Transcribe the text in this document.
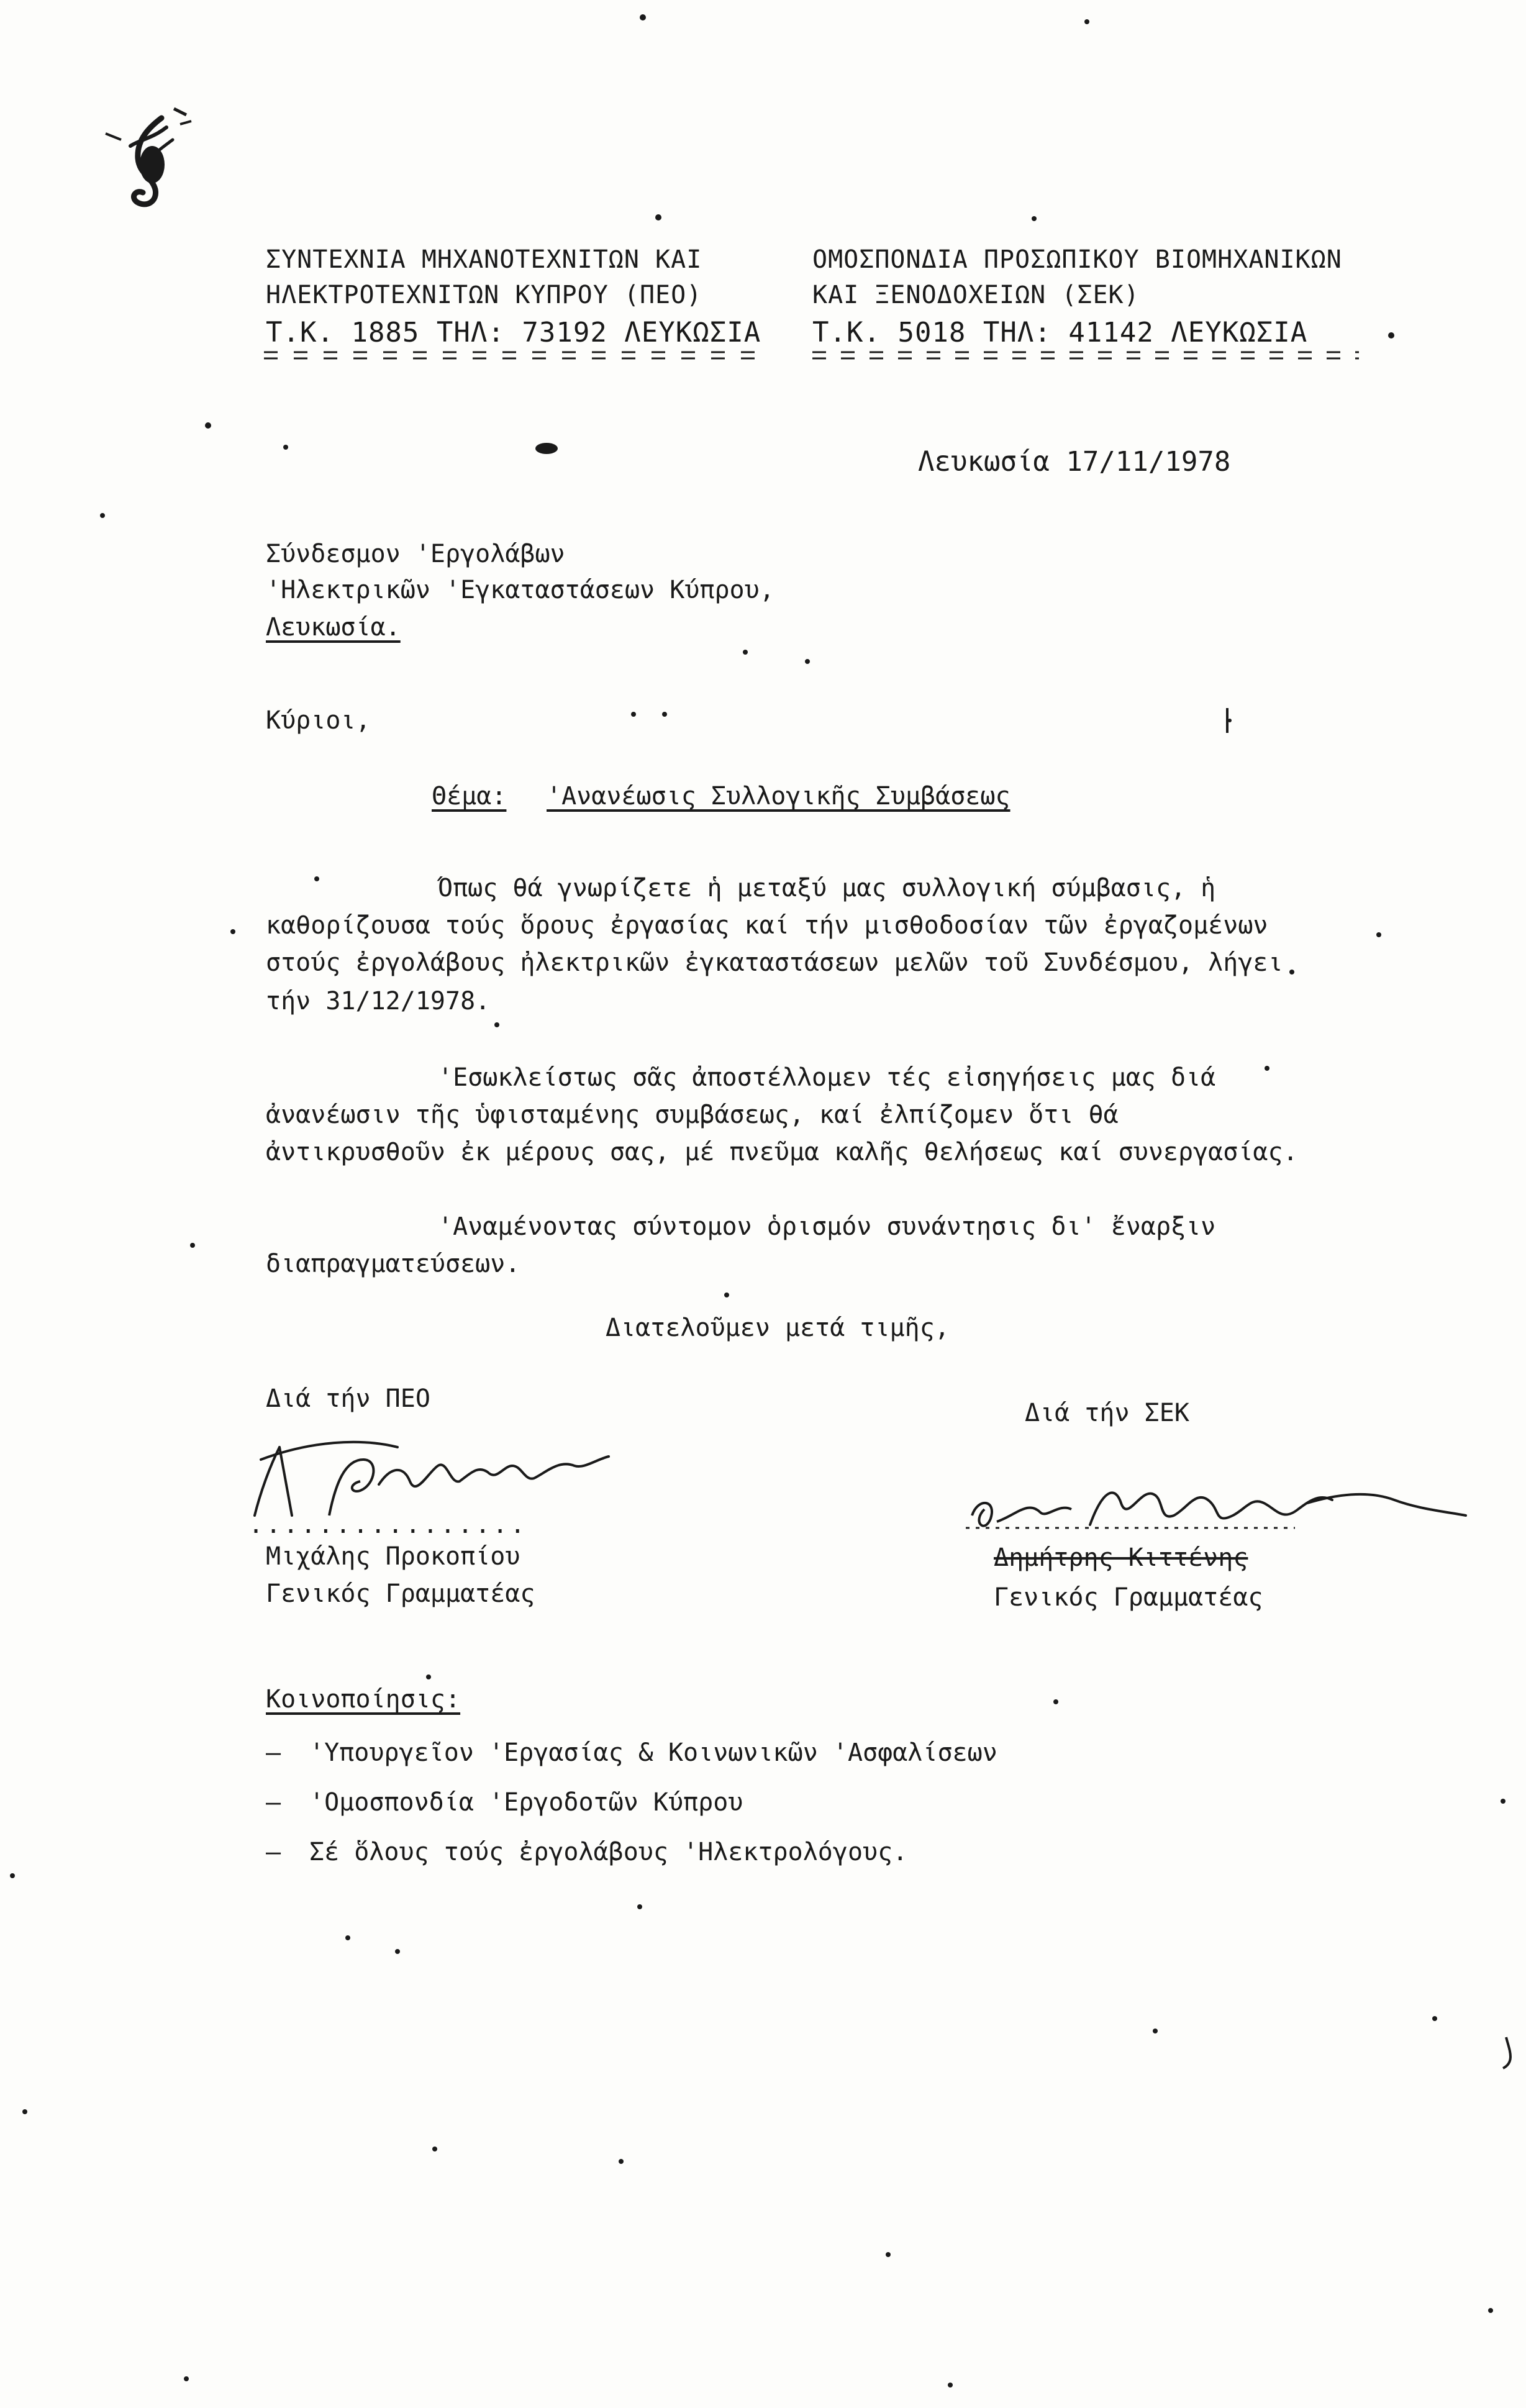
ΣΥΝΤΕΧΝΙΑ ΜΗΧΑΝΟΤΕΧΝΙΤΩΝ ΚΑΙ
ΗΛΕΚΤΡΟΤΕΧΝΙΤΩΝ ΚΥΠΡΟΥ (ΠΕΟ)
Τ.Κ. 1885 ΤΗΛ: 73192 ΛΕΥΚΩΣΙΑ
ΟΜΟΣΠΟΝΔΙΑ ΠΡΟΣΩΠΙΚΟΥ ΒΙΟΜΗΧΑΝΙΚΩΝ
ΚΑΙ ΞΕΝΟΔΟΧΕΙΩΝ (ΣΕΚ)
Τ.Κ. 5018 ΤΗΛ: 41142 ΛΕΥΚΩΣΙΑ
Λευκωσία 17/11/1978
Σύνδεσμον 'Εργολάβων
'Ηλεκτρικῶν 'Εγκαταστάσεων Κύπρου,
Λευκωσία.
Κύριοι,
Θέμα: 'Ανανέωσις Συλλογικῆς Συμβάσεως
Όπως θά γνωρίζετε ἡ μεταξύ μας συλλογική σύμβασις, ἡ
καθορίζουσα τούς ὅρους ἐργασίας καί τήν μισθοδοσίαν τῶν ἐργαζομένων
στούς ἐργολάβους ἠλεκτρικῶν ἐγκαταστάσεων μελῶν τοῦ Συνδέσμου, λήγει
τήν 31/12/1978.
'Εσωκλείστως σᾶς ἀποστέλλομεν τές εἰσηγήσεις μας διά
ἀνανέωσιν τῆς ὑφισταμένης συμβάσεως, καί ἐλπίζομεν ὅτι θά
ἀντικρυσθοῦν ἐκ μέρους σας, μέ πνεῦμα καλῆς θελήσεως καί συνεργασίας.
'Αναμένοντας σύντομον ὁρισμόν συνάντησις δι' ἔναρξιν
διαπραγματεύσεων.
Διατελοῦμεν μετά τιμῆς,
Διά τήν ΠΕΟ
................
Μιχάλης Προκοπίου
Γενικός Γραμματέας
Διά τήν ΣΕΚ
Δημήτρης Κιττένης
Γενικός Γραμματέας
Κοινοποίησις:
– 'Υπουργεῖον 'Εργασίας & Κοινωνικῶν 'Ασφαλίσεων
– 'Ομοσπονδία 'Εργοδοτῶν Κύπρου
– Σέ ὅλους τούς ἐργολάβους 'Ηλεκτρολόγους.
